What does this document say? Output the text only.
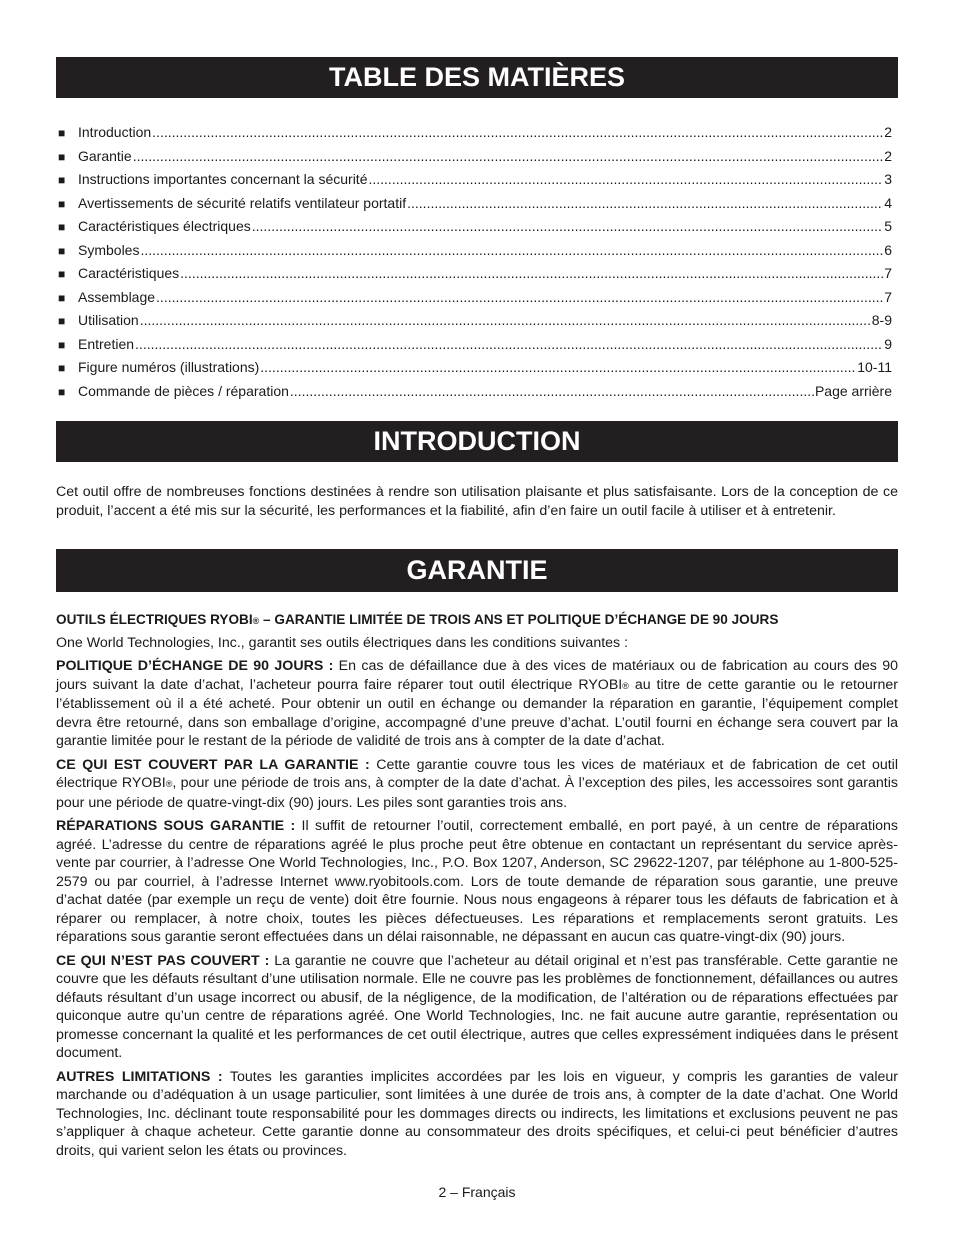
TABLE DES MATIÈRES
■ Introduction .....	2
■ Garantie .....	2
■ Instructions importantes concernant la sécurité .....	3
■ Avertissements de sécurité relatifs ventilateur portatif .....	4
■ Caractéristiques électriques .....	5
■ Symboles .....	6
■ Caractéristiques .....	7
■ Assemblage .....	7
■ Utilisation .....	8-9
■ Entretien .....	9
■ Figure numéros (illustrations) .....	10-11
■ Commande de pièces / réparation .....	Page arrière
INTRODUCTION

Cet outil offre de nombreuses fonctions destinées à rendre son utilisation plaisante et plus satisfaisante. Lors de la conception de ce produit, l’accent a été mis sur la sécurité, les performances et la fiabilité, afin d’en faire un outil facile à utiliser et à entretenir.

GARANTIE

OUTILS ÉLECTRIQUES RYOBI® – GARANTIE LIMITÉE DE TROIS ANS ET POLITIQUE D’ÉCHANGE DE 90 JOURS

One World Technologies, Inc., garantit ses outils électriques dans les conditions suivantes :

POLITIQUE D’ÉCHANGE DE 90 JOURS : En cas de défaillance due à des vices de matériaux ou de fabrication au cours des 90 jours suivant la date d’achat, l’acheteur pourra faire réparer tout outil électrique RYOBI® au titre de cette garantie ou le retourner l’établissement où il a été acheté. Pour obtenir un outil en échange ou demander la réparation en garantie, l’équipement complet devra être retourné, dans son emballage d’origine, accompagné d’une preuve d’achat. L’outil fourni en échange sera couvert par la garantie limitée pour le restant de la période de validité de trois ans à compter de la date d’achat.

CE QUI EST COUVERT PAR LA GARANTIE : Cette garantie couvre tous les vices de matériaux et de fabrication de cet outil électrique RYOBI®, pour une période de trois ans, à compter de la date d’achat. À l’exception des piles, les accessoires sont garantis pour une période de quatre-vingt-dix (90) jours. Les piles sont garanties trois ans.

RÉPARATIONS SOUS GARANTIE : Il suffit de retourner l’outil, correctement emballé, en port payé, à un centre de réparations agréé. L’adresse du centre de réparations agréé le plus proche peut être obtenue en contactant un représentant du service après-vente par courrier, à l’adresse One World Technologies, Inc., P.O. Box 1207, Anderson, SC 29622-1207, par téléphone au 1-800-525-2579 ou par courriel, à l’adresse Internet www.ryobitools.com. Lors de toute demande de réparation sous garantie, une preuve d’achat datée (par exemple un reçu de vente) doit être fournie. Nous nous engageons à réparer tous les défauts de fabrication et à réparer ou remplacer, à notre choix, toutes les pièces défectueuses. Les réparations et remplacements seront gratuits. Les réparations sous garantie seront effectuées dans un délai raisonnable, ne dépassant en aucun cas quatre-vingt-dix (90) jours.

CE QUI N’EST PAS COUVERT : La garantie ne couvre que l’acheteur au détail original et n’est pas transférable. Cette garantie ne couvre que les défauts résultant d’une utilisation normale. Elle ne couvre pas les problèmes de fonctionnement, défaillances ou autres défauts résultant d’un usage incorrect ou abusif, de la négligence, de la modification, de l’altération ou de réparations effectuées par quiconque autre qu’un centre de réparations agréé. One World Technologies, Inc. ne fait aucune autre garantie, représentation ou promesse concernant la qualité et les performances de cet outil électrique, autres que celles expressément indiquées dans le présent document.

AUTRES LIMITATIONS : Toutes les garanties implicites accordées par les lois en vigueur, y compris les garanties de valeur marchande ou d’adéquation à un usage particulier, sont limitées à une durée de trois ans, à compter de la date d’achat. One World Technologies, Inc. déclinant toute responsabilité pour les dommages directs ou indirects, les limitations et exclusions peuvent ne pas s’appliquer à chaque acheteur. Cette garantie donne au consommateur des droits spécifiques, et celui-ci peut bénéficier d’autres droits, qui varient selon les états ou provinces.

2 – Français
